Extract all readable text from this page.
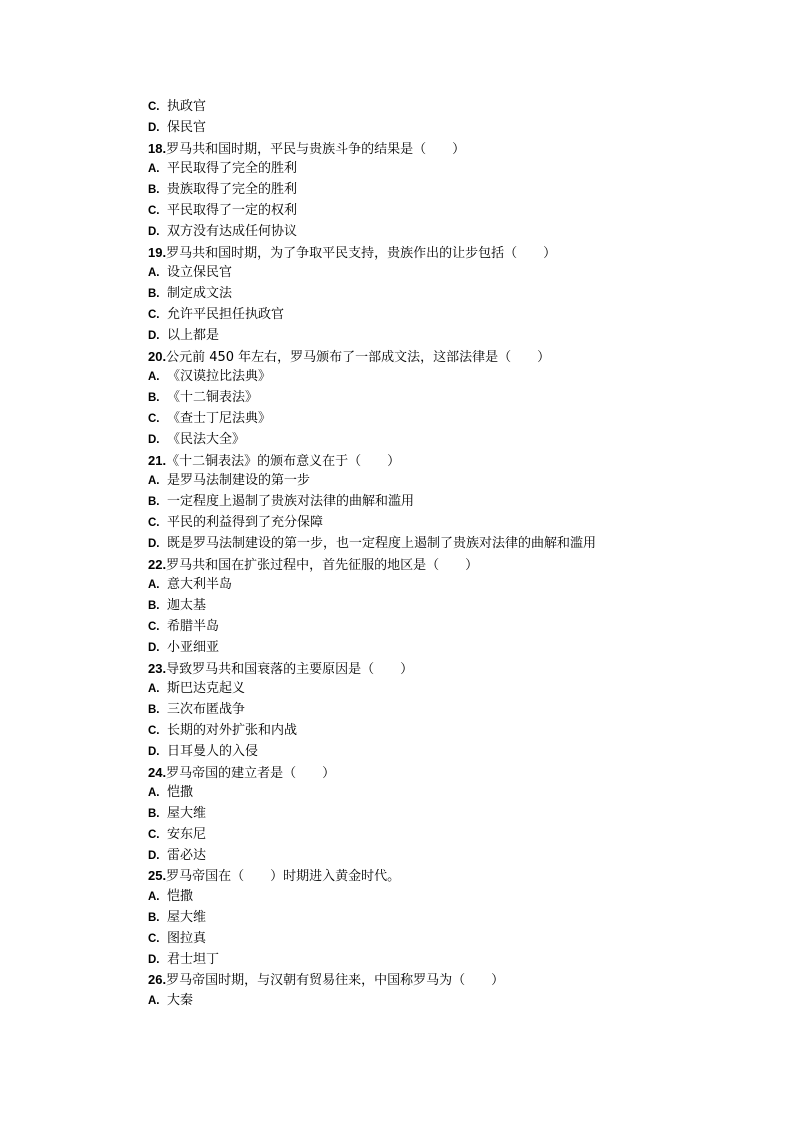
C. 执政官
D. 保民官
18.罗马共和国时期，平民与贵族斗争的结果是（　　）
A. 平民取得了完全的胜利
B. 贵族取得了完全的胜利
C. 平民取得了一定的权利
D. 双方没有达成任何协议
19.罗马共和国时期，为了争取平民支持，贵族作出的让步包括（　　）
A. 设立保民官
B. 制定成文法
C. 允许平民担任执政官
D. 以上都是
20.公元前 450 年左右，罗马颁布了一部成文法，这部法律是（　　）
A. 《汉谟拉比法典》
B. 《十二铜表法》
C. 《查士丁尼法典》
D. 《民法大全》
21.《十二铜表法》的颁布意义在于（　　）
A. 是罗马法制建设的第一步
B. 一定程度上遏制了贵族对法律的曲解和滥用
C. 平民的利益得到了充分保障
D. 既是罗马法制建设的第一步，也一定程度上遏制了贵族对法律的曲解和滥用
22.罗马共和国在扩张过程中，首先征服的地区是（　　）
A. 意大利半岛
B. 迦太基
C. 希腊半岛
D. 小亚细亚
23.导致罗马共和国衰落的主要原因是（　　）
A. 斯巴达克起义
B. 三次布匿战争
C. 长期的对外扩张和内战
D. 日耳曼人的入侵
24.罗马帝国的建立者是（　　）
A. 恺撒
B. 屋大维
C. 安东尼
D. 雷必达
25.罗马帝国在（　　）时期进入黄金时代。
A. 恺撒
B. 屋大维
C. 图拉真
D. 君士坦丁
26.罗马帝国时期，与汉朝有贸易往来，中国称罗马为（　　）
A. 大秦
